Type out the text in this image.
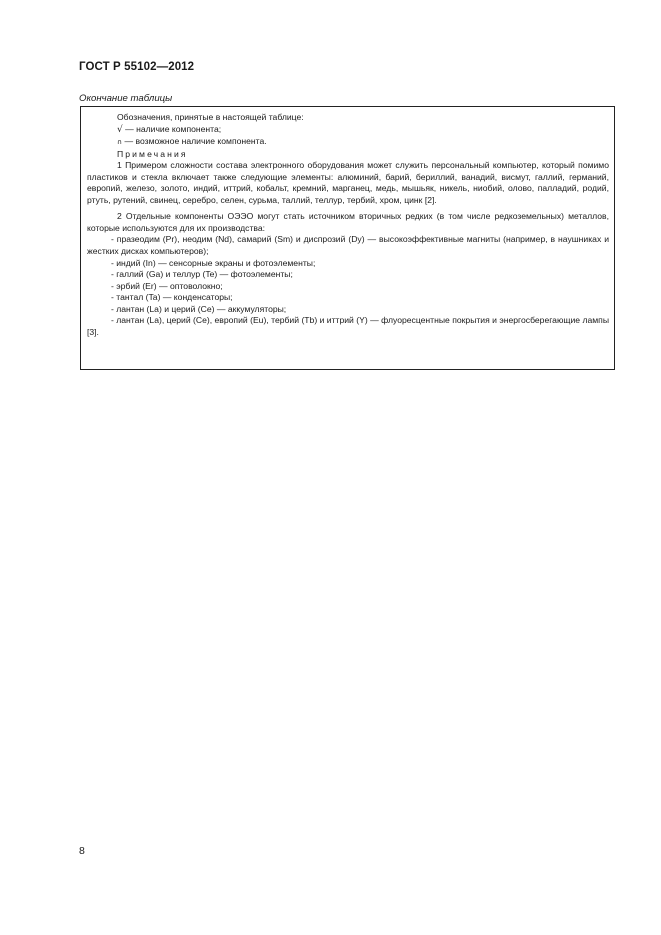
ГОСТ Р 55102—2012
Окончание таблицы

Обозначения, принятые в настоящей таблице:

√ — наличие компонента;

∩ — возможное наличие компонента.

Примечания

1 Примером сложности состава электронного оборудования может служить персональный компьютер, который помимо пластиков и стекла включает также следующие элементы: алюминий, барий, бериллий, ванадий, висмут, галлий, германий, европий, железо, золото, индий, иттрий, кобальт, кремний, марганец, медь, мышьяк, никель, ниобий, олово, палладий, родий, ртуть, рутений, свинец, серебро, селен, сурьма, таллий, теллур, тербий, хром, цинк [2].

2 Отдельные компоненты ОЭЭО могут стать источником вторичных редких (в том числе редкоземельных) металлов, которые используются для их производства:

- празеодим (Pr), неодим (Nd), самарий (Sm) и диспрозий (Dy) — высокоэффективные магниты (например, в наушниках и жестких дисках компьютеров);

- индий (In) — сенсорные экраны и фотоэлементы;

- галлий (Ga) и теллур (Te) — фотоэлементы;

- эрбий (Er) — оптоволокно;

- тантал (Ta) — конденсаторы;

- лантан (La) и церий (Ce) — аккумуляторы;

- лантан (La), церий (Ce), европий (Eu), тербий (Tb) и иттрий (Y) — флуоресцентные покрытия и энергосберегающие лампы [3].

8
